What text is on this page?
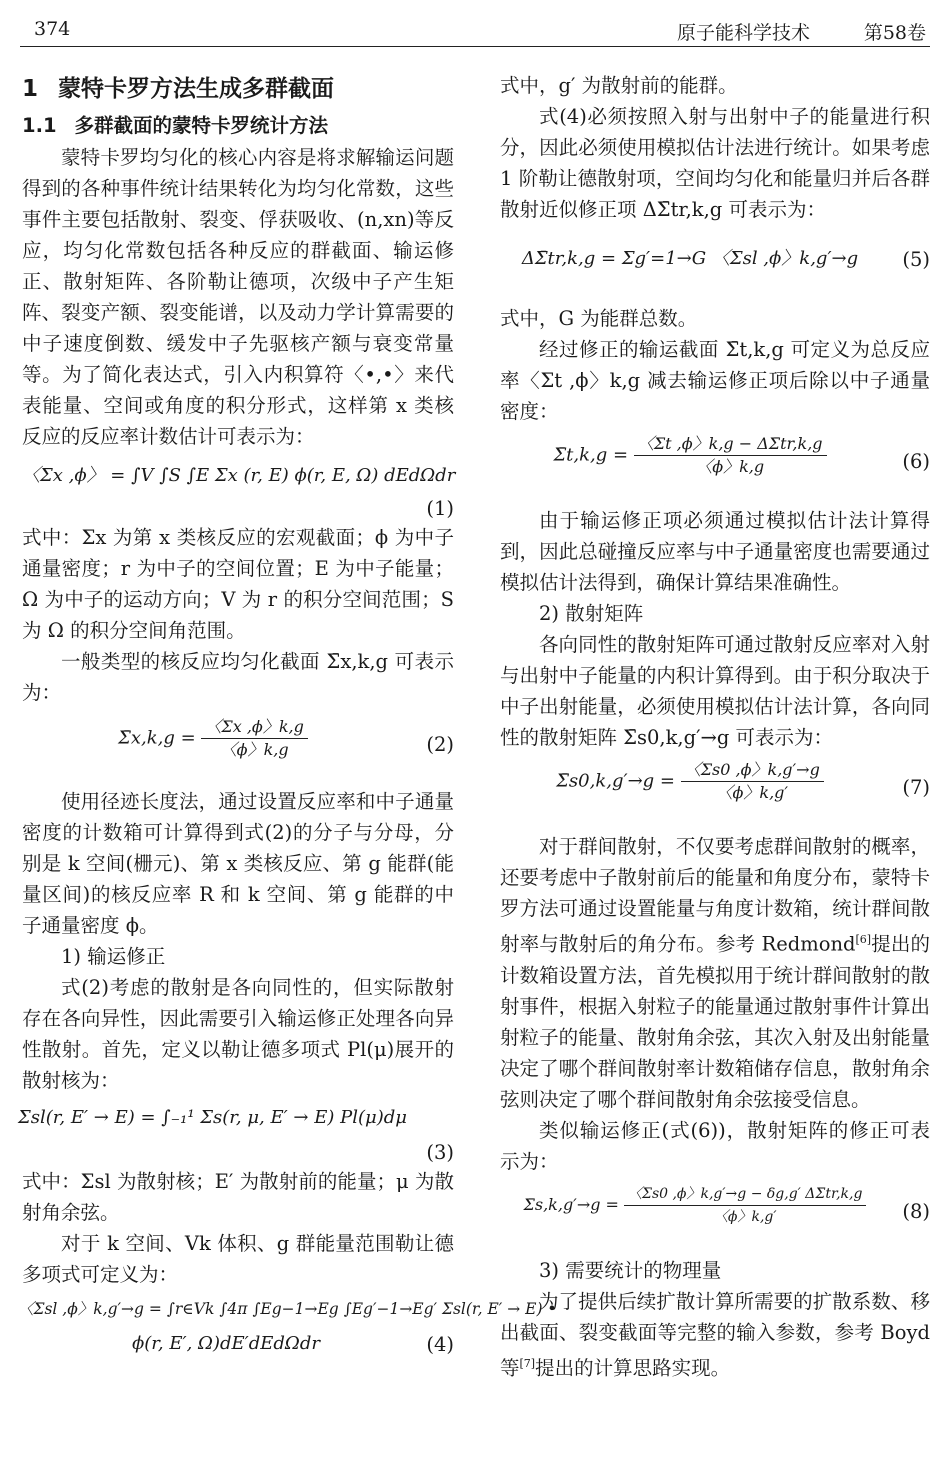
374	原子能科学技术	第58卷
1 蒙特卡罗方法生成多群截面
1.1 多群截面的蒙特卡罗统计方法

蒙特卡罗均匀化的核心内容是将求解输运问题得到的各种事件统计结果转化为均匀化常数，这些事件主要包括散射、裂变、俘获吸收、(n,xn)等反应，均匀化常数包括各种反应的群截面、输运修正、散射矩阵、各阶勒让德项，次级中子产生矩阵、裂变产额、裂变能谱，以及动力学计算需要的中子速度倒数、缓发中子先驱核产额与衰变常量等。为了简化表达式，引入内积算符〈•,•〉来代表能量、空间或角度的积分形式，这样第 x 类核反应的反应率计数估计可表示为：

〈Σx ,ϕ〉 = ∫V ∫S ∫E Σx (r, E) ϕ(r, E, Ω) dEdΩdr
(1)

式中：Σx 为第 x 类核反应的宏观截面；ϕ 为中子通量密度；r 为中子的空间位置；E 为中子能量；Ω 为中子的运动方向；V 为 r 的积分空间范围；S 为 Ω 的积分空间角范围。

一般类型的核反应均匀化截面 Σ̄x,k,g 可表示为：

Σ̄x,k,g = $\frac{〈\Sigma x ,\phi〉k,g}{〈\phi〉k,g}$	(2)

使用径迹长度法，通过设置反应率和中子通量密度的计数箱可计算得到式(2)的分子与分母，分别是 k 空间(栅元)、第 x 类核反应、第 g 能群(能量区间)的核反应率 R 和 k 空间、第 g 能群的中子通量密度 ϕ。

1) 输运修正

式(2)考虑的散射是各向同性的，但实际散射存在各向异性，因此需要引入输运修正处理各向异性散射。首先，定义以勒让德多项式 Pl(μ)展开的散射核为：

Σsl(r, E′ → E) = ∫₋₁¹ Σs(r, μ, E′ → E) Pl(μ)dμ
(3)

式中：Σsl 为散射核；E′ 为散射前的能量；μ 为散射角余弦。

对于 k 空间、Vk 体积、g 群能量范围勒让德多项式可定义为：

〈Σsl ,ϕ〉k,g′→g = ∫r∈Vk ∫4π ∫Eg−1→Eg ∫Eg′−1→Eg′ Σsl(r, E′ → E) •
ϕ(r, E′, Ω)dE′dEdΩdr	(4)

式中，g′ 为散射前的能群。

式(4)必须按照入射与出射中子的能量进行积分，因此必须使用模拟估计法进行统计。如果考虑 1 阶勒让德散射项，空间均匀化和能量归并后各群散射近似修正项 ΔΣ̄tr,k,g 可表示为：

ΔΣ̄tr,k,g = Σg′=1→G 〈Σsl ,ϕ〉k,g′→g	(5)

式中，G 为能群总数。

经过修正的输运截面 Σ̄t,k,g 可定义为总反应率〈Σt ,ϕ〉k,g 减去输运修正项后除以中子通量密度：

Σ̄t,k,g = $\frac{〈\Sigma t ,\phi〉k,g - \Delta\Sigmātr,k,g}{〈\phi〉k,g}$	(6)

由于输运修正项必须通过模拟估计法计算得到，因此总碰撞反应率与中子通量密度也需要通过模拟估计法得到，确保计算结果准确性。

2) 散射矩阵

各向同性的散射矩阵可通过散射反应率对入射与出射中子能量的内积计算得到。由于积分取决于中子出射能量，必须使用模拟估计法计算，各向同性的散射矩阵 Σ̄s0,k,g′→g 可表示为：

Σ̄s0,k,g′→g = $\frac{〈\Sigma s0 ,\phi〉k,g'\to g}{〈\phi〉k,g'}$	(7)

对于群间散射，不仅要考虑群间散射的概率，还要考虑中子散射前后的能量和角度分布，蒙特卡罗方法可通过设置能量与角度计数箱，统计群间散射率与散射后的角分布。参考 Redmond[6]提出的计数箱设置方法，首先模拟用于统计群间散射的散射事件，根据入射粒子的能量通过散射事件计算出射粒子的能量、散射角余弦，其次入射及出射能量决定了哪个群间散射率计数箱储存信息，散射角余弦则决定了哪个群间散射角余弦接受信息。

类似输运修正(式(6))，散射矩阵的修正可表示为：

Σ̄s,k,g′→g = $\frac{〈\Sigma s0 ,\phi〉k,g'\to g - \delta g,g' \Delta\Sigmātr,k,g}{〈\phi〉k,g'} (8)$

3) 需要统计的物理量

为了提供后续扩散计算所需要的扩散系数、移出截面、裂变截面等完整的输入参数，参考 Boyd 等[7]提出的计算思路实现。
